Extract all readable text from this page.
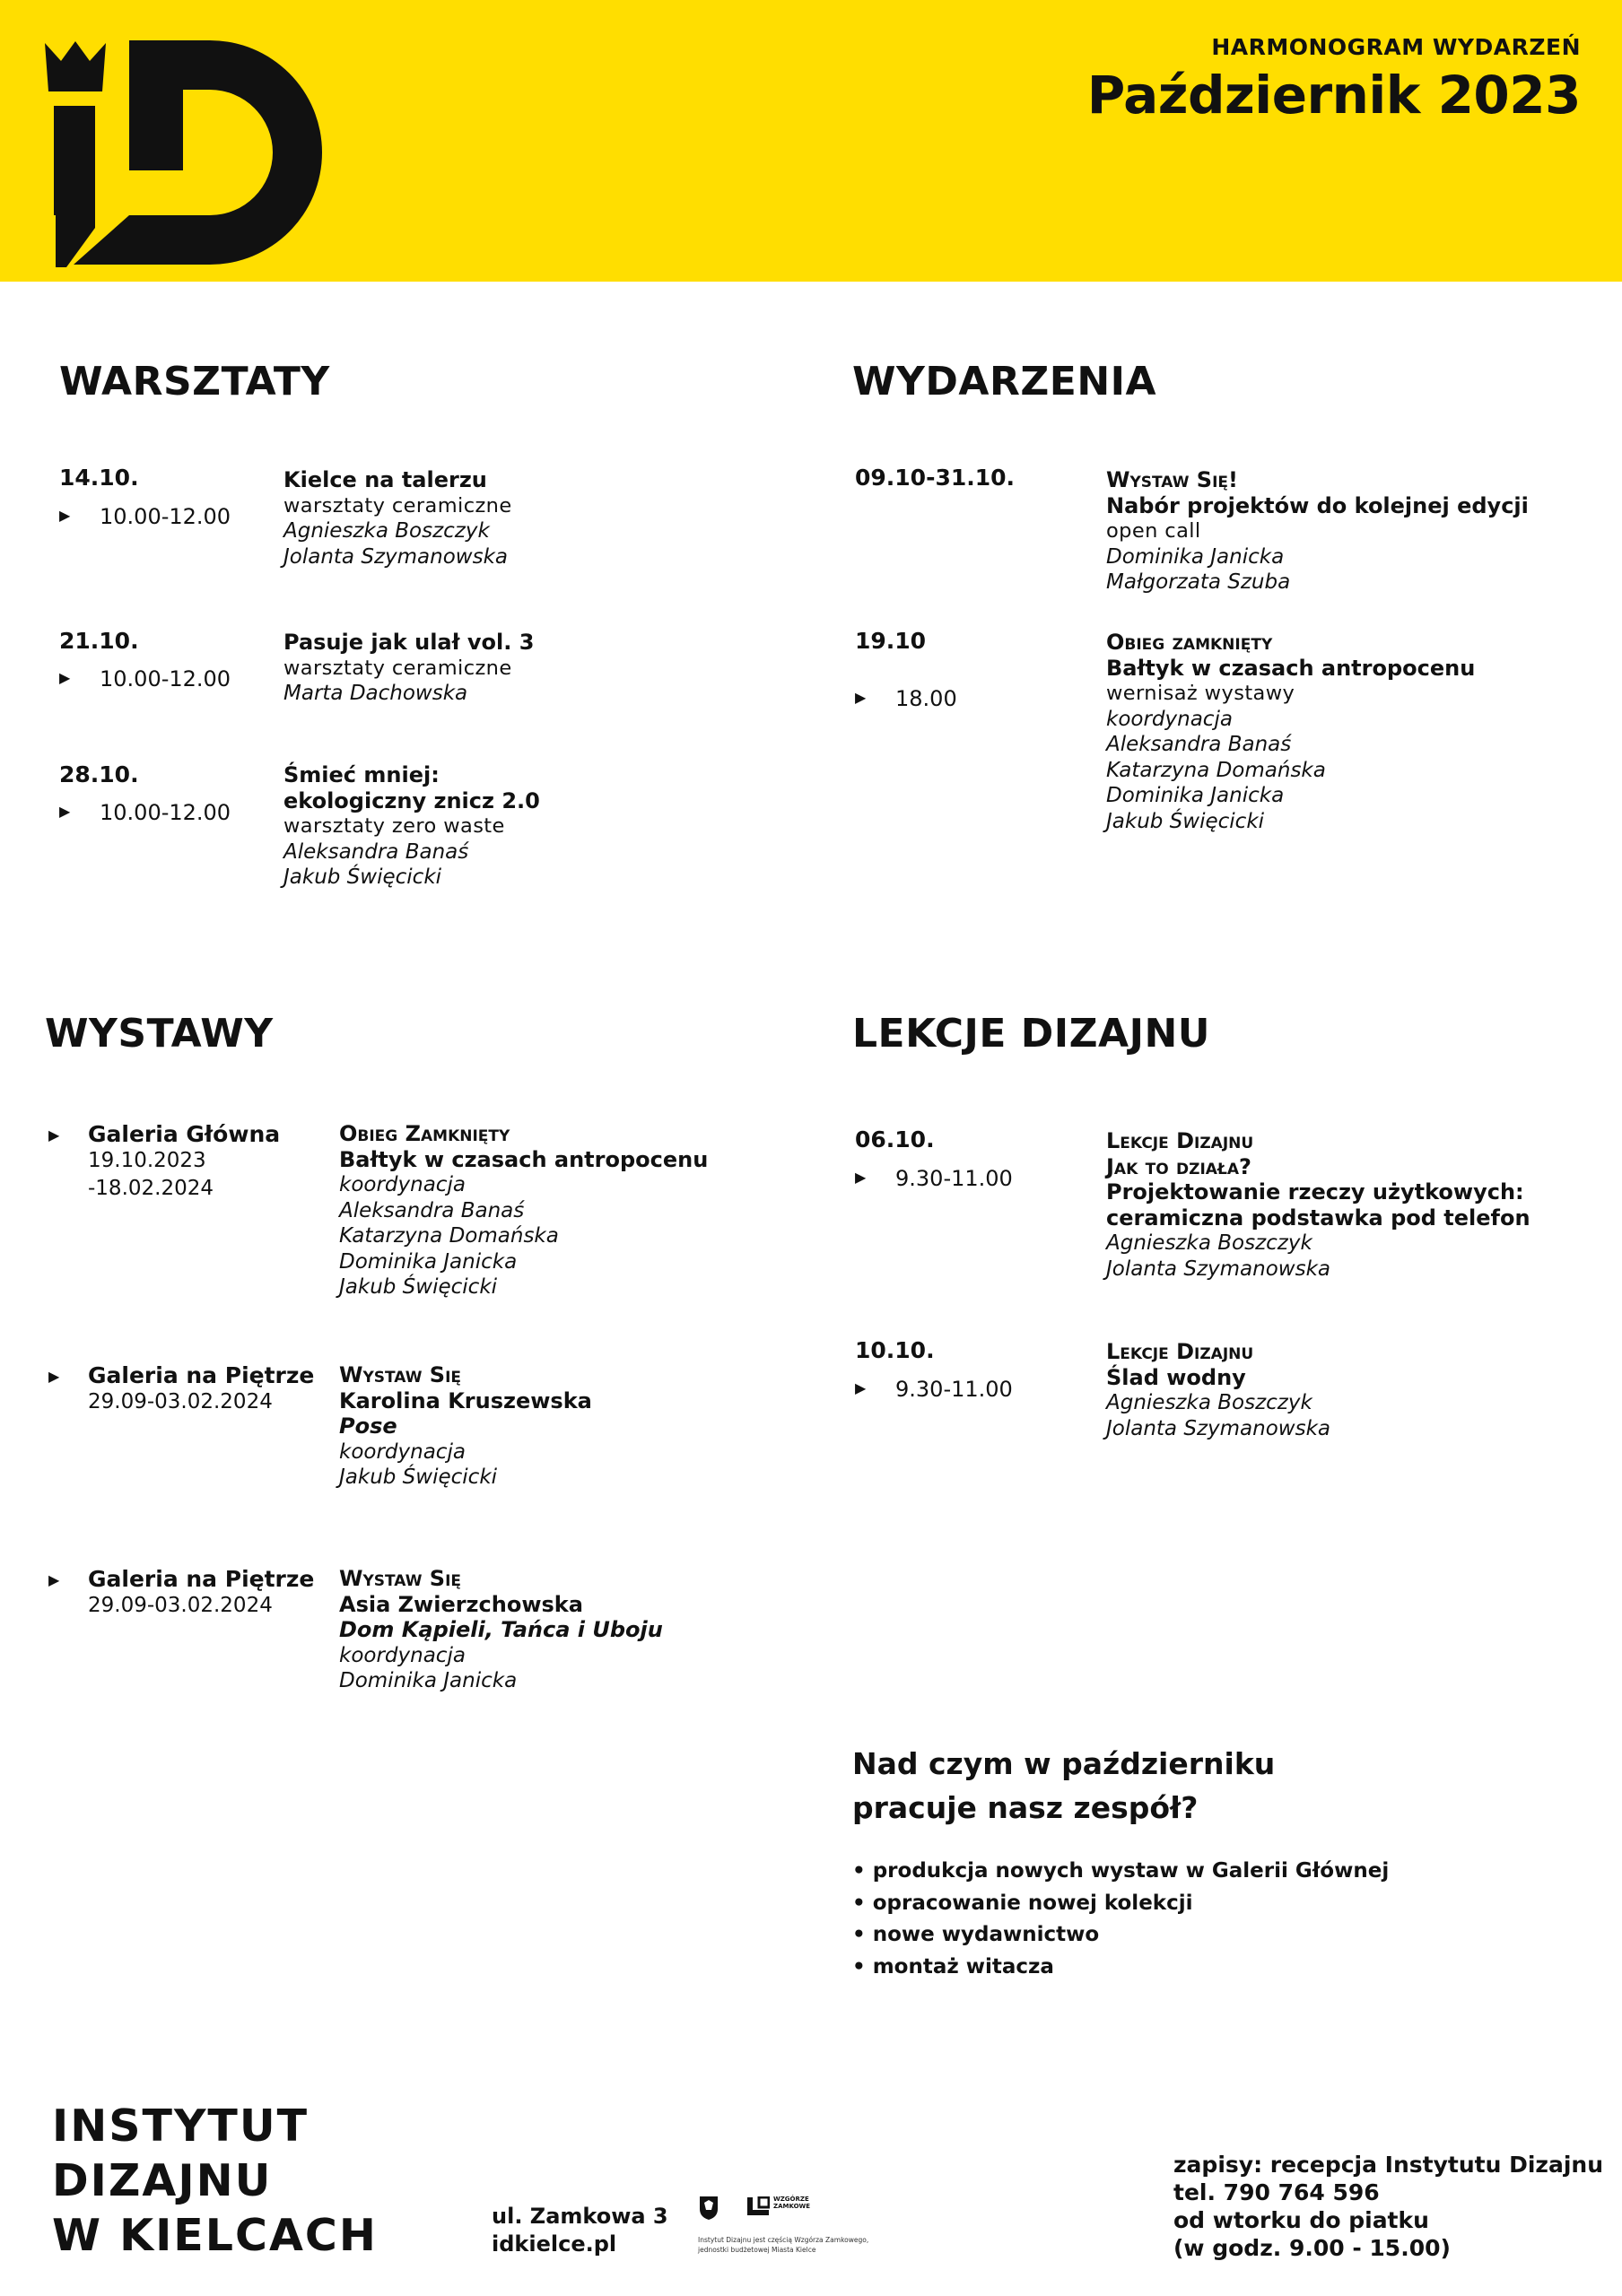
HARMONOGRAM WYDARZEŃ
Październik 2023
WARSZTATY
14.10.
▶ 10.00-12.00
Kielce na talerzu
warsztaty ceramiczne
Agnieszka Boszczyk
Jolanta Szymanowska
21.10.
▶ 10.00-12.00
Pasuje jak ulał vol. 3
warsztaty ceramiczne
Marta Dachowska
28.10.
▶ 10.00-12.00
Śmieć mniej:
ekologiczny znicz 2.0
warsztaty zero waste
Aleksandra Banaś
Jakub Święcicki
WYDARZENIA
09.10-31.10.	Wystaw Się!
Nabór projektów do kolejnej edycji
open call
Dominika Janicka
Małgorzata Szuba
19.10
▶ 18.00
Obieg zamknięty
Bałtyk w czasach antropocenu
wernisaż wystawy
koordynacja
Aleksandra Banaś
Katarzyna Domańska
Dominika Janicka
Jakub Święcicki
WYSTAWY
▶ Galeria Główna
19.10.2023
-18.02.2024
Obieg Zamknięty
Bałtyk w czasach antropocenu
koordynacja
Aleksandra Banaś
Katarzyna Domańska
Dominika Janicka
Jakub Święcicki
▶ Galeria na Piętrze
29.09-03.02.2024
Wystaw Się
Karolina Kruszewska
Pose
koordynacja
Jakub Święcicki
▶ Galeria na Piętrze
29.09-03.02.2024
Wystaw Się
Asia Zwierzchowska
Dom Kąpieli, Tańca i Uboju
koordynacja
Dominika Janicka
LEKCJE DIZAJNU
06.10.
▶ 9.30-11.00
Lekcje Dizajnu
Jak to działa?
Projektowanie rzeczy użytkowych:
ceramiczna podstawka pod telefon
Agnieszka Boszczyk
Jolanta Szymanowska
10.10.
▶ 9.30-11.00
Lekcje Dizajnu
Ślad wodny
Agnieszka Boszczyk
Jolanta Szymanowska
Nad czym w październiku
pracuje nasz zespół?
• produkcja nowych wystaw w Galerii Głównej
• opracowanie nowej kolekcji
• nowe wydawnictwo
• montaż witacza
INSTYTUT
DIZAJNU
W KIELCACH	ul. Zamkowa 3
idkielce.pl
WZGÓRZE ZAMKOWE
Instytut Dizajnu jest częścią Wzgórza Zamkowego,
jednostki budżetowej Miasta Kielce
zapisy: recepcja Instytutu Dizajnu
tel. 790 764 596
od wtorku do piatku
(w godz. 9.00 - 15.00)
